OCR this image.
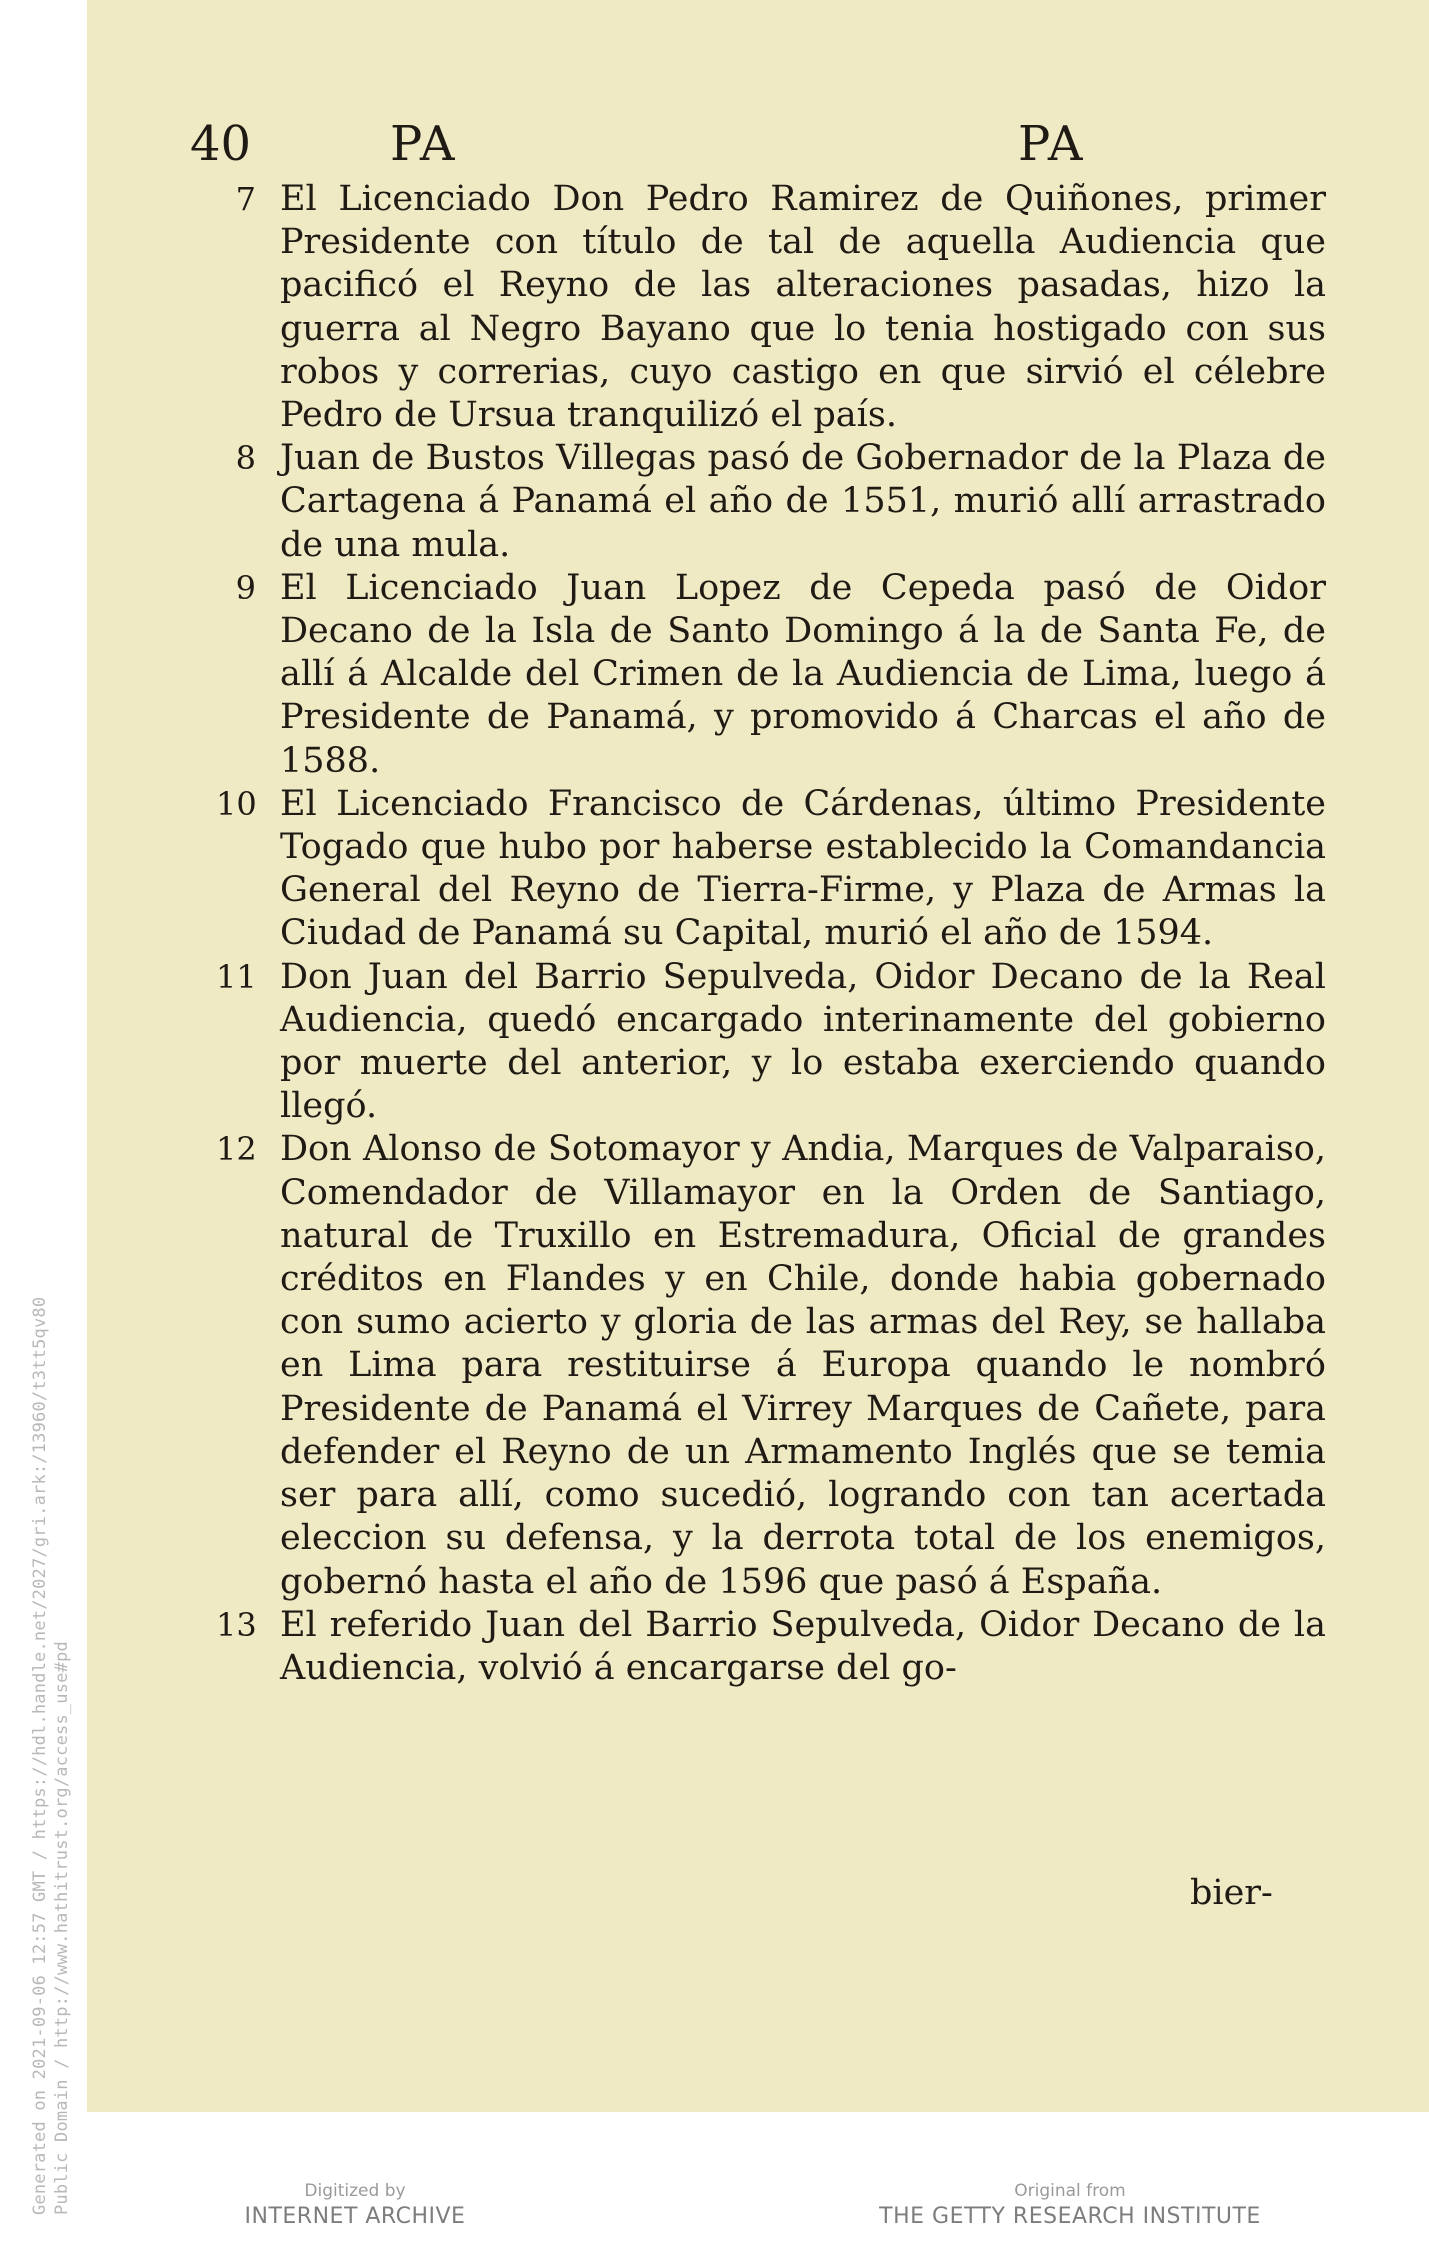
Generated on 2021-09-06 12:57 GMT / https://hdl.handle.net/2027/gri.ark:/13960/t3tt5qv80 Public Domain / http://www.hathitrust.org/access_use#pd
40	PA	PA
7 El Licenciado Don Pedro Ramirez de Quiñones, primer Presidente con título de tal de aquella Audiencia que pacificó el Reyno de las alteraciones pasadas, hizo la guerra al Negro Bayano que lo tenia hostigado con sus robos y correrias, cuyo castigo en que sirvió el célebre Pedro de Ursua tranquilizó el país.
8 Juan de Bustos Villegas pasó de Gobernador de la Plaza de Cartagena á Panamá el año de 1551, murió allí arrastrado de una mula.
9 El Licenciado Juan Lopez de Cepeda pasó de Oidor Decano de la Isla de Santo Domingo á la de Santa Fe, de allí á Alcalde del Crimen de la Audiencia de Lima, luego á Presidente de Panamá, y promovido á Charcas el año de 1588.
10 El Licenciado Francisco de Cárdenas, último Presidente Togado que hubo por haberse establecido la Comandancia General del Reyno de Tierra-Firme, y Plaza de Armas la Ciudad de Panamá su Capital, murió el año de 1594.
11 Don Juan del Barrio Sepulveda, Oidor Decano de la Real Audiencia, quedó encargado interinamente del gobierno por muerte del anterior, y lo estaba exerciendo quando llegó.
12 Don Alonso de Sotomayor y Andia, Marques de Valparaiso, Comendador de Villamayor en la Orden de Santiago, natural de Truxillo en Estremadura, Oficial de grandes créditos en Flandes y en Chile, donde habia gobernado con sumo acierto y gloria de las armas del Rey, se hallaba en Lima para restituirse á Europa quando le nombró Presidente de Panamá el Virrey Marques de Cañete, para defender el Reyno de un Armamento Inglés que se temia ser para allí, como sucedió, logrando con tan acertada eleccion su defensa, y la derrota total de los enemigos, gobernó hasta el año de 1596 que pasó á España.
13 El referido Juan del Barrio Sepulveda, Oidor Decano de la Audiencia, volvió á encargarse del go-
bier-
Digitized by
INTERNET ARCHIVE
Original from
THE GETTY RESEARCH INSTITUTE
